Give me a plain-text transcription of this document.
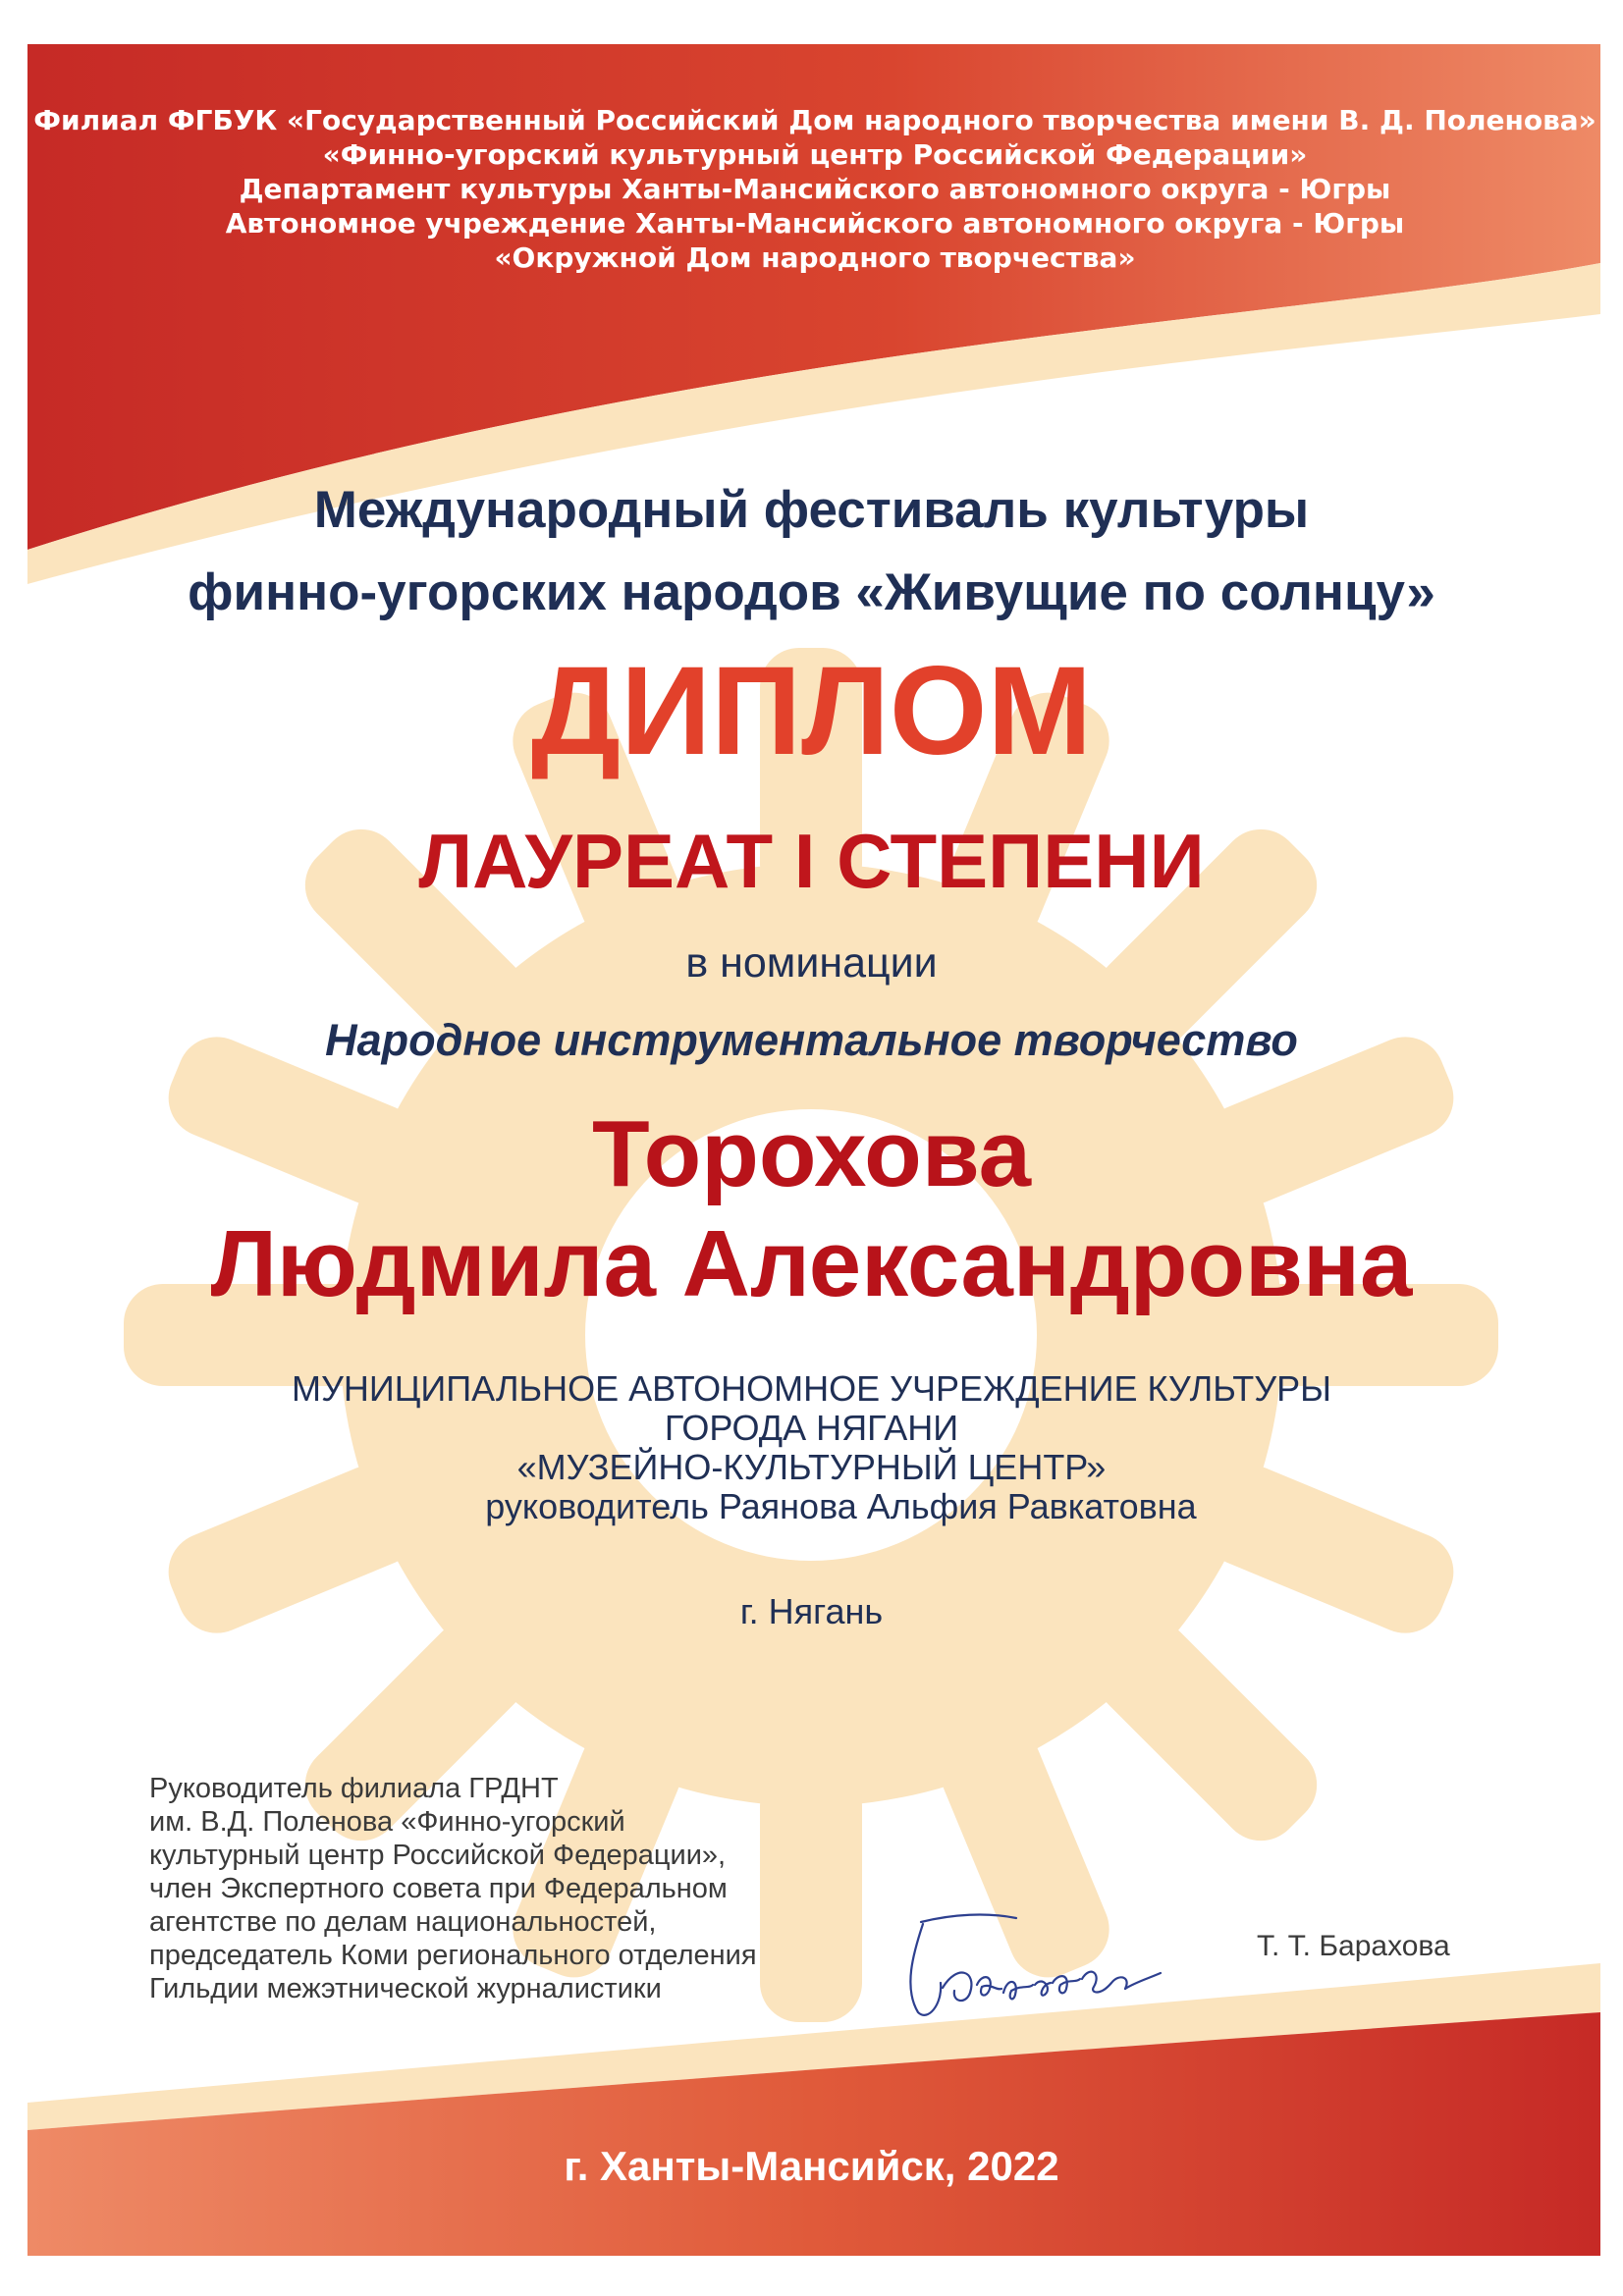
Филиал ФГБУК «Государственный Российский Дом народного творчества имени В. Д. Поленова»
«Финно-угорский культурный центр Российской Федерации»
Департамент культуры Ханты-Мансийского автономного округа - Югры
Автономное учреждение Ханты-Мансийского автономного округа - Югры
«Окружной Дом народного творчества»
Международный фестиваль культуры
финно-угорских народов «Живущие по солнцу»
ДИПЛОМ
ЛАУРЕАТ I СТЕПЕНИ
в номинации
Народное инструментальное творчество
Торохова
Людмила Александровна
МУНИЦИПАЛЬНОЕ АВТОНОМНОЕ УЧРЕЖДЕНИЕ КУЛЬТУРЫ
ГОРОДА НЯГАНИ
«МУЗЕЙНО-КУЛЬТУРНЫЙ ЦЕНТР»
руководитель Раянова Альфия Равкатовна
г. Нягань
Руководитель филиала ГРДНТ
им. В.Д. Поленова «Финно-угорский
культурный центр Российской Федерации»,
член Экспертного совета при Федеральном
агентстве по делам национальностей,
председатель Коми регионального отделения
Гильдии межэтнической журналистики
Т. Т. Барахова
г. Ханты-Мансийск, 2022
